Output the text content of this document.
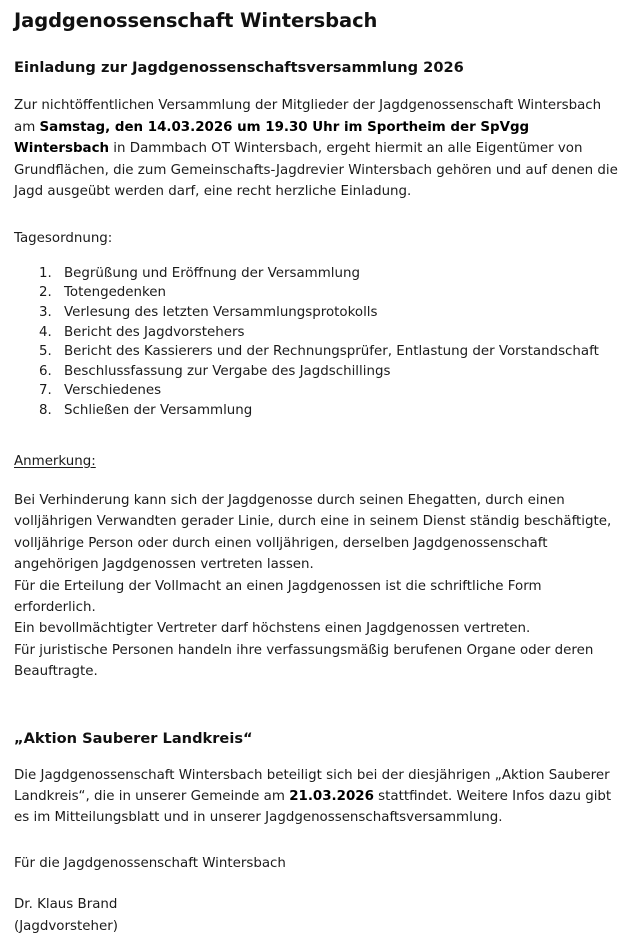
Jagdgenossenschaft Wintersbach
Einladung zur Jagdgenossenschaftsversammlung 2026

Zur nichtöffentlichen Versammlung der Mitglieder der Jagdgenossenschaft Wintersbach am Samstag, den 14.03.2026 um 19.30 Uhr im Sportheim der SpVgg Wintersbach in Dammbach OT Wintersbach, ergeht hiermit an alle Eigentümer von Grundflächen, die zum Gemeinschafts-Jagdrevier Wintersbach gehören und auf denen die Jagd ausgeübt werden darf, eine recht herzliche Einladung.

Tagesordnung:

1. Begrüßung und Eröffnung der Versammlung
2. Totengedenken
3. Verlesung des letzten Versammlungsprotokolls
4. Bericht des Jagdvorstehers
5. Bericht des Kassierers und der Rechnungsprüfer, Entlastung der Vorstandschaft
6. Beschlussfassung zur Vergabe des Jagdschillings
7. Verschiedenes
8. Schließen der Versammlung

Anmerkung:

Bei Verhinderung kann sich der Jagdgenosse durch seinen Ehegatten, durch einen volljährigen Verwandten gerader Linie, durch eine in seinem Dienst ständig beschäftigte, volljährige Person oder durch einen volljährigen, derselben Jagdgenossenschaft angehörigen Jagdgenossen vertreten lassen.
Für die Erteilung der Vollmacht an einen Jagdgenossen ist die schriftliche Form erforderlich.
Ein bevollmächtigter Vertreter darf höchstens einen Jagdgenossen vertreten.
Für juristische Personen handeln ihre verfassungsmäßig berufenen Organe oder deren Beauftragte.

„Aktion Sauberer Landkreis“

Die Jagdgenossenschaft Wintersbach beteiligt sich bei der diesjährigen „Aktion Sauberer Landkreis“, die in unserer Gemeinde am 21.03.2026 stattfindet. Weitere Infos dazu gibt es im Mitteilungsblatt und in unserer Jagdgenossenschaftsversammlung.

Für die Jagdgenossenschaft Wintersbach

Dr. Klaus Brand
(Jagdvorsteher)
